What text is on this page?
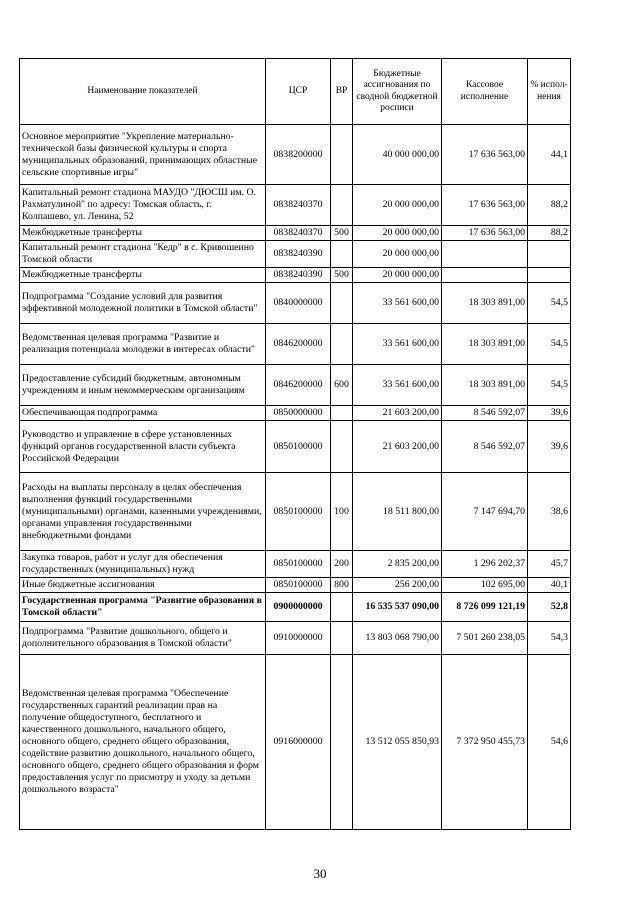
Наименование показателей	ЦСР	ВР	Бюджетные ассигнования по сводной бюджетной росписи	Кассовое исполнение	% испол-нения
Основное мероприятие "Укрепление материально-технической базы физической культуры и спорта муниципальных образований, принимающих областные сельские спортивные игры"	0838200000		40 000 000,00	17 636 563,00	44,1
Капитальный ремонт стадиона МАУДО "ДЮСШ им. О. Рахматулиной" по адресу: Томская область, г. Колпашево, ул. Ленина, 52	0838240370		20 000 000,00	17 636 563,00	88,2
Межбюджетные трансферты	0838240370	500	20 000 000,00	17 636 563,00	88,2
Капитальный ремонт стадиона "Кедр" в с. Кривошеино Томской области	0838240390		20 000 000,00		
Межбюджетные трансферты	0838240390	500	20 000 000,00		
Подпрограмма "Создание условий для развития эффективной молодежной политики в Томской области"	0840000000		33 561 600,00	18 303 891,00	54,5
Ведомственная целевая программа "Развитие и реализация потенциала молодежи в интересах области"	0846200000		33 561 600,00	18 303 891,00	54,5
Предоставление субсидий бюджетным, автономным учреждениям и иным некоммерческим организациям	0846200000	600	33 561 600,00	18 303 891,00	54,5
Обеспечивающая подпрограмма	0850000000		21 603 200,00	8 546 592,07	39,6
Руководство и управление в сфере установленных функций органов государственной власти субъекта Российской Федерации	0850100000		21 603 200,00	8 546 592,07	39,6
Расходы на выплаты персоналу в целях обеспечения выполнения функций государственными (муниципальными) органами, казенными учреждениями, органами управления государственными внебюджетными фондами	0850100000	100	18 511 800,00	7 147 694,70	38,6
Закупка товаров, работ и услуг для обеспечения государственных (муниципальных) нужд	0850100000	200	2 835 200,00	1 296 202,37	45,7
Иные бюджетные ассигнования	0850100000	800	256 200,00	102 695,00	40,1
Государственная программа "Развитие образования в Томской области"	0900000000		16 535 537 090,00	8 726 099 121,19	52,8
Подпрограмма "Развитие дошкольного, общего и дополнительного образования в Томской области"	0910000000		13 803 068 790,00	7 501 260 238,05	54,3
Ведомственная целевая программа "Обеспечение государственных гарантий реализации прав на получение общедоступного, бесплатного и качественного дошкольного, начального общего, основного общего, среднего общего образования, содействие развитию дошкольного, начального общего, основного общего, среднего общего образования и форм предоставления услуг по присмотру и уходу за детьми дошкольного возраста"	0916000000		13 512 055 850,93	7 372 950 455,73	54,6
30
